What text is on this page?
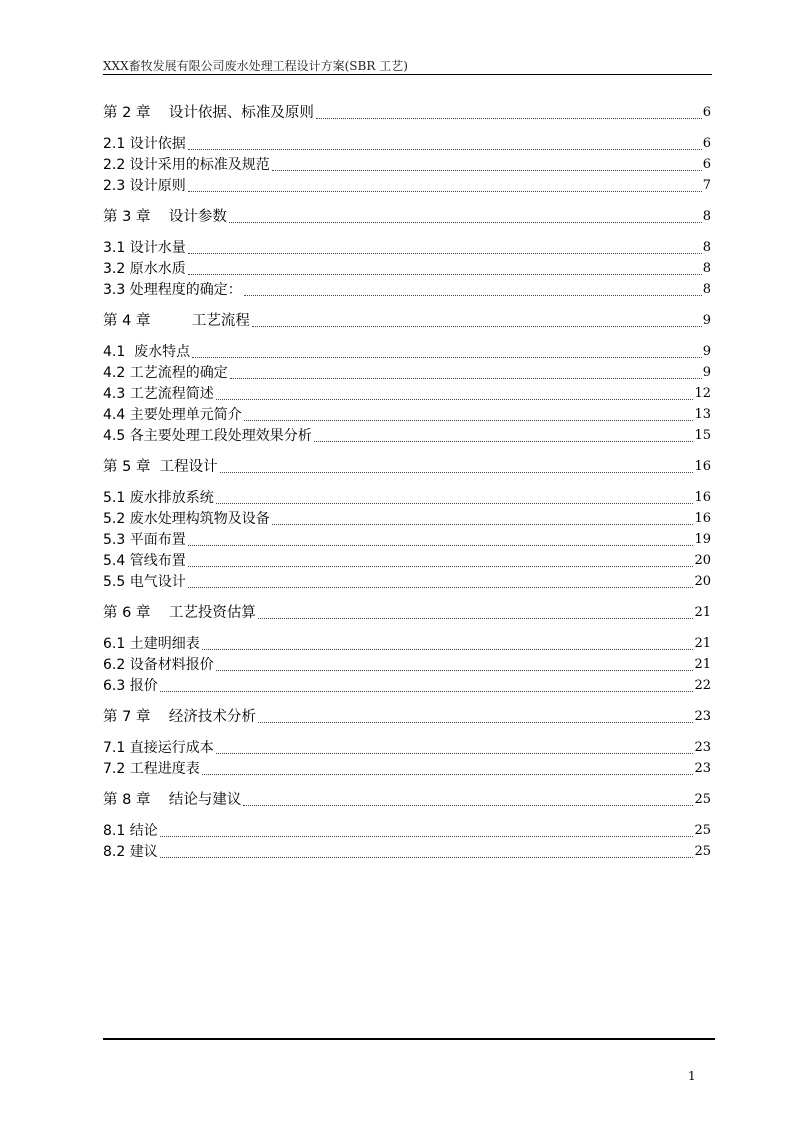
XXX畜牧发展有限公司废水处理工程设计方案(SBR 工艺)
第 2 章    设计依据、标准及原则	6
2.1 设计依据	6
2.2 设计采用的标准及规范	6
2.3 设计原则	7
第 3 章    设计参数	8
3.1 设计水量	8
3.2 原水水质	8
3.3 处理程度的确定：	8
第 4 章         工艺流程	9
4.1  废水特点	9
4.2 工艺流程的确定	9
4.3 工艺流程简述	12
4.4 主要处理单元简介	13
4.5 各主要处理工段处理效果分析	15
第 5 章  工程设计	16
5.1 废水排放系统	16
5.2 废水处理构筑物及设备	16
5.3 平面布置	19
5.4 管线布置	20
5.5 电气设计	20
第 6 章    工艺投资估算	21
6.1 土建明细表	21
6.2 设备材料报价	21
6.3 报价	22
第 7 章    经济技术分析	23
7.1 直接运行成本	23
7.2 工程进度表	23
第 8 章    结论与建议	25
8.1 结论	25
8.2 建议	25
1
